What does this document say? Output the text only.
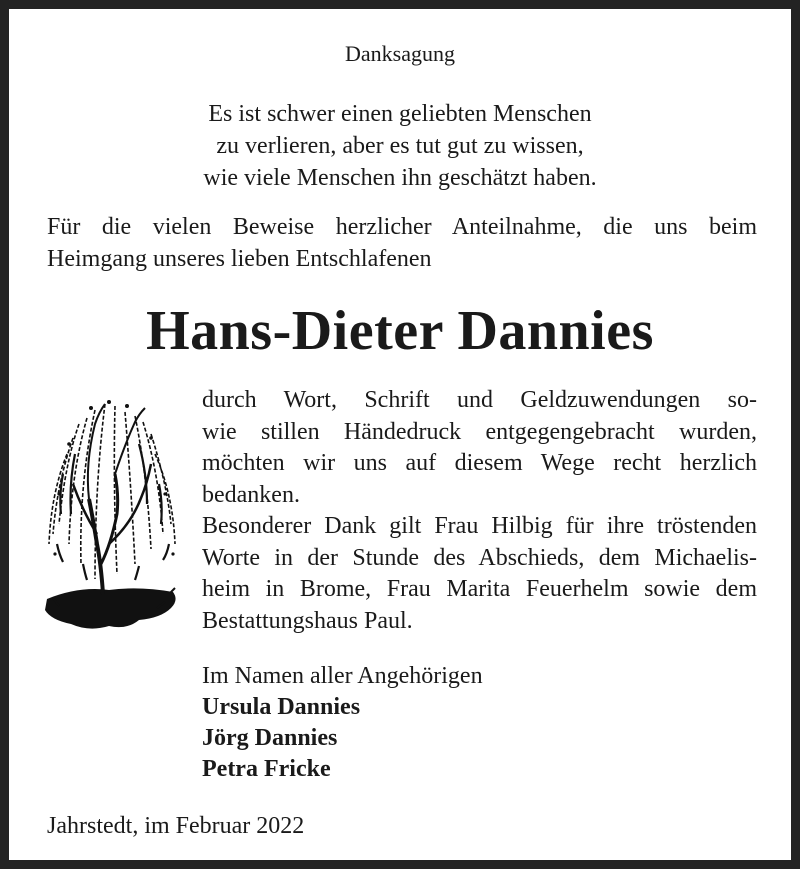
Danksagung
Es ist schwer einen geliebten Menschen
zu verlieren, aber es tut gut zu wissen,
wie viele Menschen ihn geschätzt haben.
Für die vielen Beweise herzlicher Anteilnahme, die uns beim
Heimgang unseres lieben Entschlafenen
Hans-Dieter Dannies
durch Wort, Schrift und Geldzuwendungen so-
wie stillen Händedruck entgegengebracht wurden,
möchten wir uns auf diesem Wege recht herzlich
bedanken.
Besonderer Dank gilt Frau Hilbig für ihre tröstenden
Worte in der Stunde des Abschieds, dem Michaelis-
heim in Brome, Frau Marita Feuerhelm sowie dem
Bestattungshaus Paul.
Im Namen aller Angehörigen
Ursula Dannies
Jörg Dannies
Petra Fricke
Jahrstedt, im Februar 2022
